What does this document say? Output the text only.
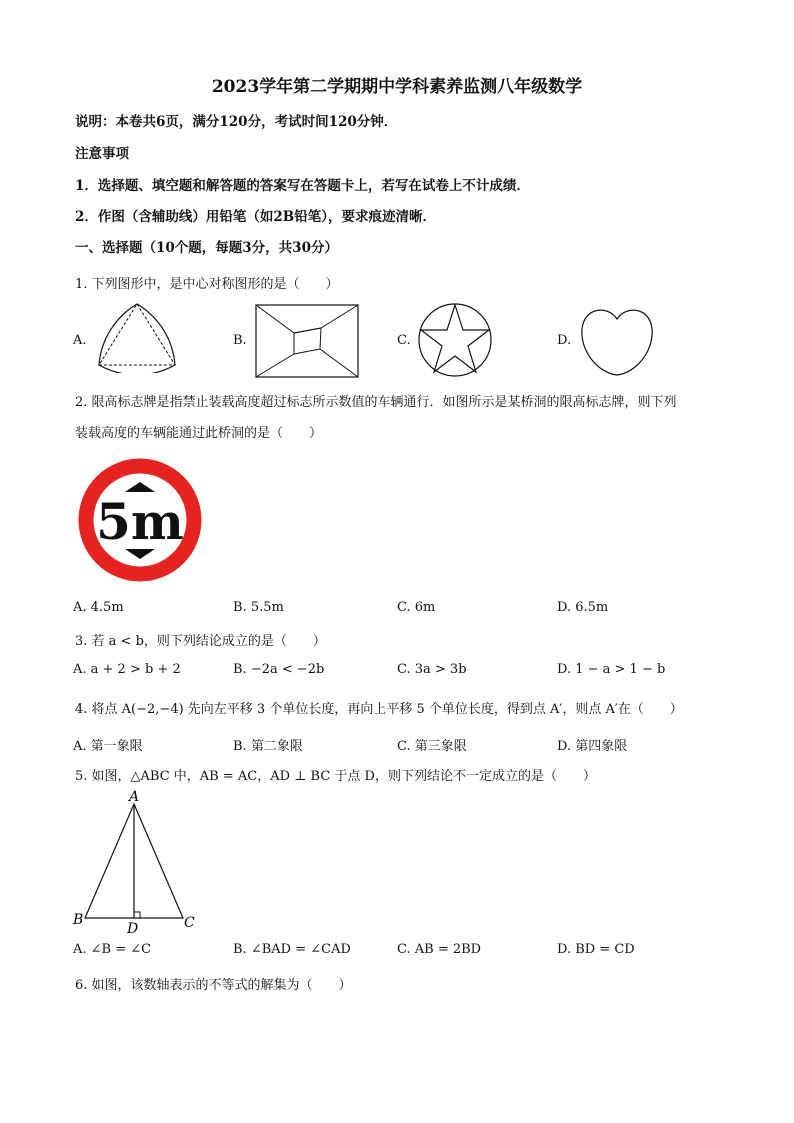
2023学年第二学期期中学科素养监测八年级数学
说明：本卷共6页，满分120分，考试时间120分钟．
注意事项
1．选择题、填空题和解答题的答案写在答题卡上，若写在试卷上不计成绩．
2．作图（含辅助线）用铅笔（如2B铅笔），要求痕迹清晰．
一、选择题（10个题，每题3分，共30分）
1. 下列图形中，是中心对称图形的是（　　）
A.	B.	C.	D.
2. 限高标志牌是指禁止装载高度超过标志所示数值的车辆通行．如图所示是某桥洞的限高标志牌，则下列
装载高度的车辆能通过此桥洞的是（　　）
5m
A. 4.5m	B. 5.5m	C. 6m	D. 6.5m
3. 若 a < b，则下列结论成立的是（　　）
A. a + 2 > b + 2	B. −2a < −2b	C. 3a > 3b	D. 1 − a > 1 − b
4. 将点 A(−2,−4) 先向左平移 3 个单位长度，再向上平移 5 个单位长度，得到点 A′，则点 A′在（　　）
A. 第一象限	B. 第二象限	C. 第三象限	D. 第四象限
5. 如图，△ABC 中，AB = AC，AD ⊥ BC 于点 D，则下列结论不一定成立的是（　　）
A
B	C
D
A. ∠B = ∠C	B. ∠BAD = ∠CAD	C. AB = 2BD	D. BD = CD
6. 如图，该数轴表示的不等式的解集为（　　）
